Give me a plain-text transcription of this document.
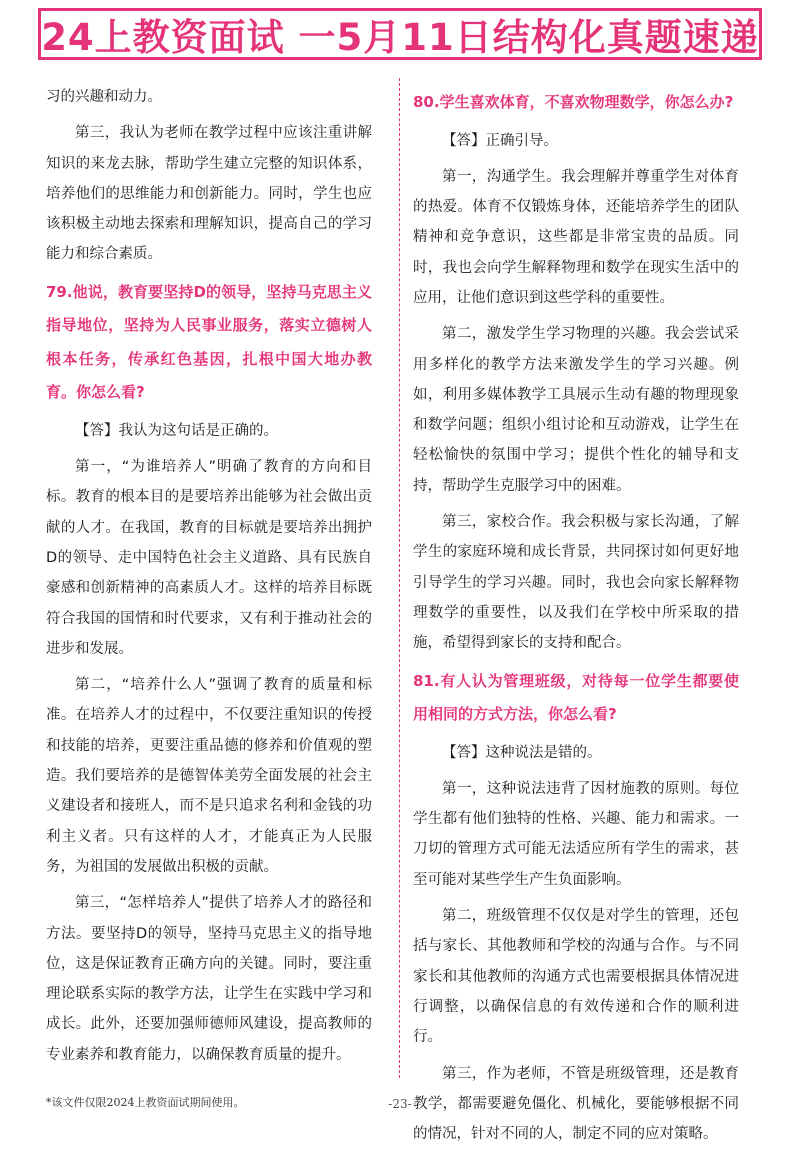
24上教资面试 一5月11日结构化真题速递

习的兴趣和动力。

第三，我认为老师在教学过程中应该注重讲解知识的来龙去脉，帮助学生建立完整的知识体系，培养他们的思维能力和创新能力。同时，学生也应该积极主动地去探索和理解知识，提高自己的学习能力和综合素质。

79.他说，教育要坚持D的领导，坚持马克思主义指导地位，坚持为人民事业服务，落实立德树人根本任务，传承红色基因，扎根中国大地办教育。你怎么看?

【答】我认为这句话是正确的。

第一，“为谁培养人”明确了教育的方向和目标。教育的根本目的是要培养出能够为社会做出贡献的人才。在我国，教育的目标就是要培养出拥护D的领导、走中国特色社会主义道路、具有民族自豪感和创新精神的高素质人才。这样的培养目标既符合我国的国情和时代要求，又有利于推动社会的进步和发展。

第二，“培养什么人”强调了教育的质量和标准。在培养人才的过程中，不仅要注重知识的传授和技能的培养，更要注重品德的修养和价值观的塑造。我们要培养的是德智体美劳全面发展的社会主义建设者和接班人，而不是只追求名利和金钱的功利主义者。只有这样的人才，才能真正为人民服务，为祖国的发展做出积极的贡献。

第三，“怎样培养人”提供了培养人才的路径和方法。要坚持D的领导，坚持马克思主义的指导地位，这是保证教育正确方向的关键。同时，要注重理论联系实际的教学方法，让学生在实践中学习和成长。此外，还要加强师德师风建设，提高教师的专业素养和教育能力，以确保教育质量的提升。

80.学生喜欢体育，不喜欢物理数学，你怎么办?

【答】正确引导。

第一，沟通学生。我会理解并尊重学生对体育的热爱。体育不仅锻炼身体，还能培养学生的团队精神和竞争意识，这些都是非常宝贵的品质。同时，我也会向学生解释物理和数学在现实生活中的应用，让他们意识到这些学科的重要性。

第二，激发学生学习物理的兴趣。我会尝试采用多样化的教学方法来激发学生的学习兴趣。例如，利用多媒体教学工具展示生动有趣的物理现象和数学问题；组织小组讨论和互动游戏，让学生在轻松愉快的氛围中学习；提供个性化的辅导和支持，帮助学生克服学习中的困难。

第三，家校合作。我会积极与家长沟通，了解学生的家庭环境和成长背景，共同探讨如何更好地引导学生的学习兴趣。同时，我也会向家长解释物理数学的重要性，以及我们在学校中所采取的措施，希望得到家长的支持和配合。

81.有人认为管理班级，对待每一位学生都要使用相同的方式方法，你怎么看?

【答】这种说法是错的。

第一，这种说法违背了因材施教的原则。每位学生都有他们独特的性格、兴趣、能力和需求。一刀切的管理方式可能无法适应所有学生的需求，甚至可能对某些学生产生负面影响。

第二，班级管理不仅仅是对学生的管理，还包括与家长、其他教师和学校的沟通与合作。与不同家长和其他教师的沟通方式也需要根据具体情况进行调整，以确保信息的有效传递和合作的顺利进行。

第三，作为老师，不管是班级管理，还是教育教学，都需要避免僵化、机械化，要能够根据不同的情况，针对不同的人，制定不同的应对策略。

*该文件仅限2024上教资面试期间使用。	-23-
